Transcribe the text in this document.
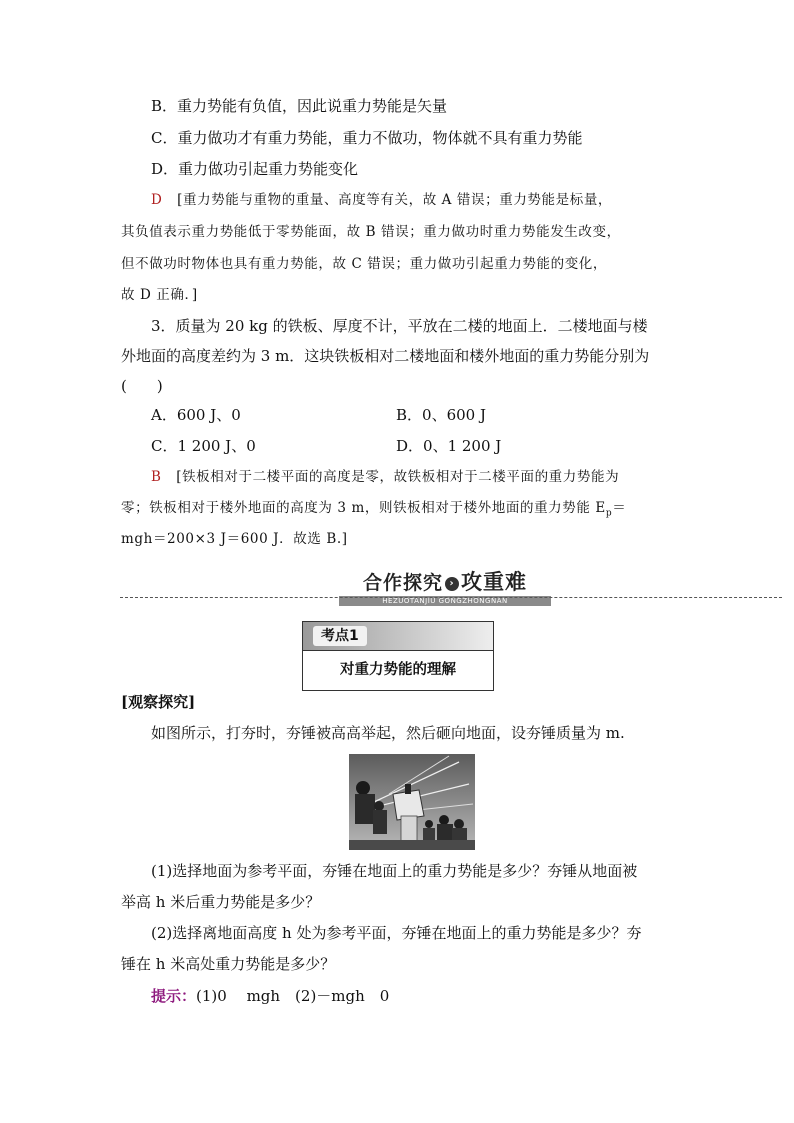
B．重力势能有负值，因此说重力势能是矢量
C．重力做功才有重力势能，重力不做功，物体就不具有重力势能
D．重力做功引起重力势能变化
D [重力势能与重物的重量、高度等有关，故 A 错误；重力势能是标量，
其负值表示重力势能低于零势能面，故 B 错误；重力做功时重力势能发生改变，
但不做功时物体也具有重力势能，故 C 错误；重力做功引起重力势能的变化，
故 D 正确．]
3．质量为 20 kg 的铁板、厚度不计，平放在二楼的地面上．二楼地面与楼
外地面的高度差约为 3 m．这块铁板相对二楼地面和楼外地面的重力势能分别为
(　　)
A．600 J、0	B．0、600 J
C．1 200 J、0	D．0、1 200 J
B [铁板相对于二楼平面的高度是零，故铁板相对于二楼平面的重力势能为
零；铁板相对于楼外地面的高度为 3 m，则铁板相对于楼外地面的重力势能 $E_p=$
mgh＝200×3 J＝600 J．故选 B.]
合作探究 › 攻重难
HEZUOTANJIU GONGZHONGNAN
考点1
对重力势能的理解
[观察探究]
如图所示，打夯时，夯锤被高高举起，然后砸向地面，设夯锤质量为 m.
(1)选择地面为参考平面，夯锤在地面上的重力势能是多少？夯锤从地面被
举高 h 米后重力势能是多少？
(2)选择离地面高度 h 处为参考平面，夯锤在地面上的重力势能是多少？夯
锤在 h 米高处重力势能是多少？
提示：(1)0　 mgh　(2)－mgh　0
